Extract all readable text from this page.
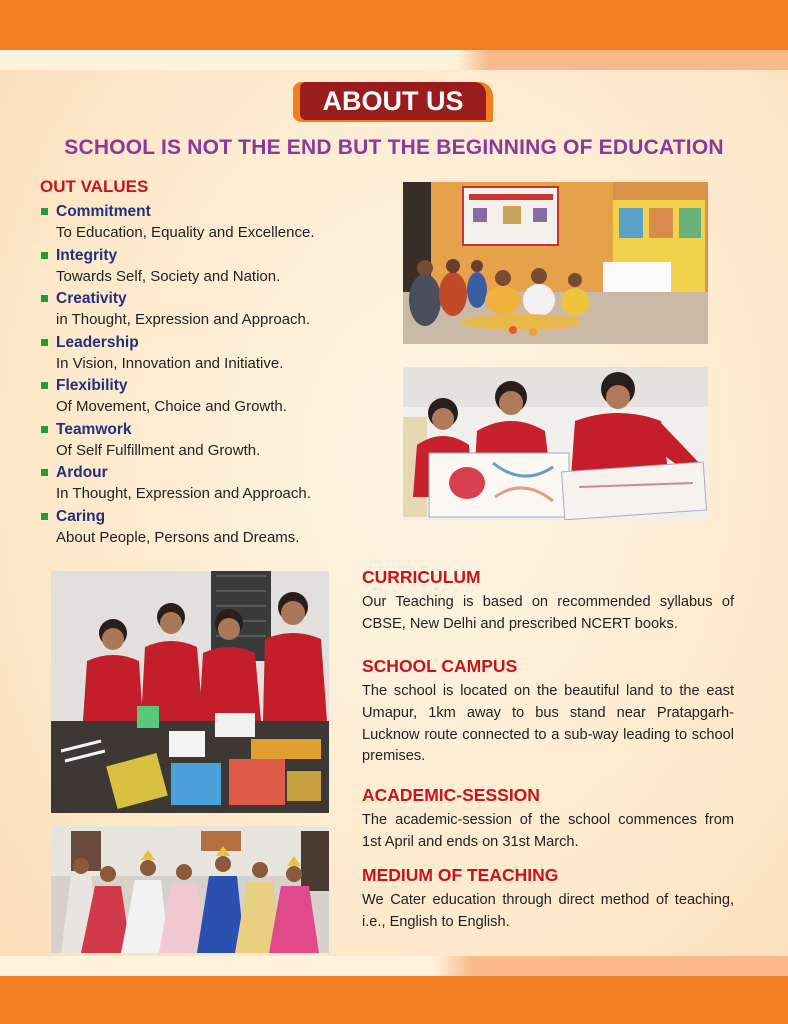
ABOUT US
SCHOOL IS NOT THE END BUT THE BEGINNING OF EDUCATION
OUT VALUES
Commitment
To Education, Equality and Excellence.
Integrity
Towards Self, Society and Nation.
Creativity
in Thought, Expression and Approach.
Leadership
In Vision, Innovation and Initiative.
Flexibility
Of Movement, Choice and Growth.
Teamwork
Of Self Fulfillment and Growth.
Ardour
In Thought, Expression and Approach.
Caring
About People, Persons and Dreams.
CURRICULUM
Our Teaching is based on recommended syllabus of CBSE, New Delhi and prescribed NCERT books.
SCHOOL CAMPUS
The school is located on the beautiful land to the east Umapur, 1km away to bus stand near Pratapgarh-Lucknow route connected to a sub-way leading to school premises.
ACADEMIC-SESSION
The academic-session of the school commences from 1st April and ends on 31st March.
MEDIUM OF TEACHING
We Cater education through direct method of teaching, i.e., English to English.
